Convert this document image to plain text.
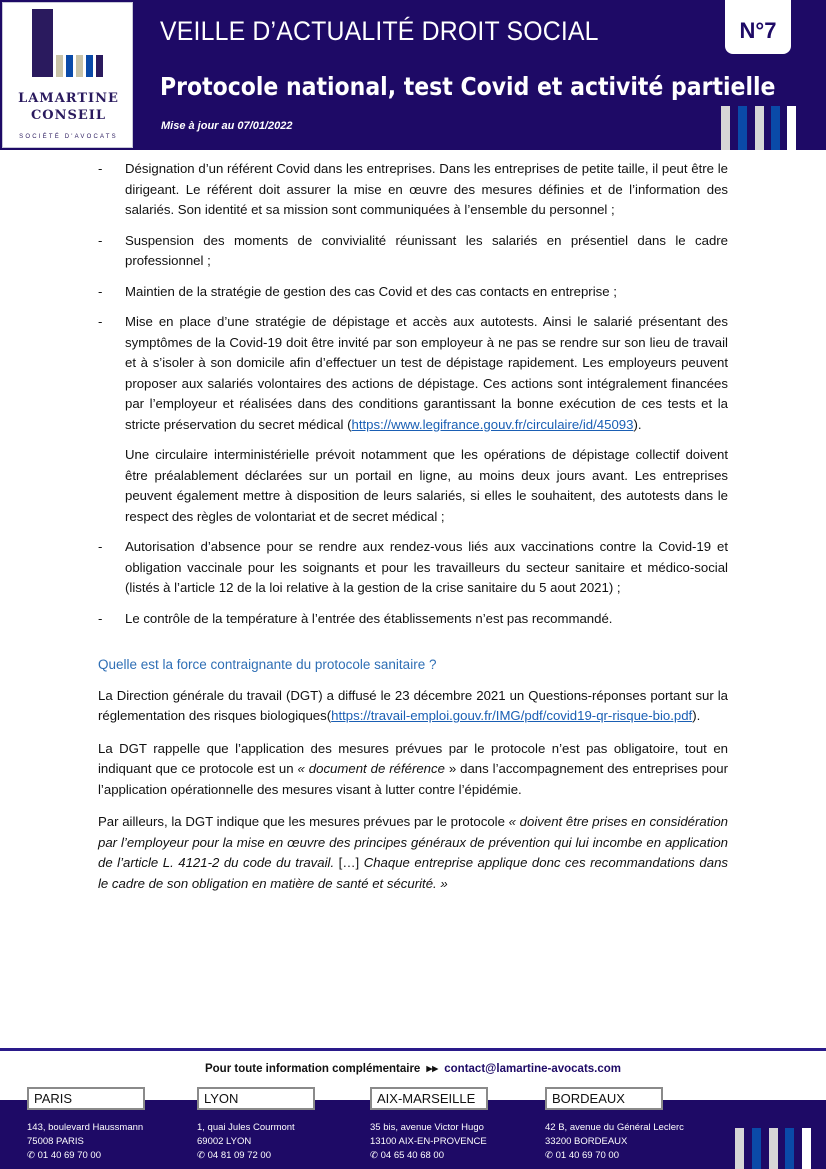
LAMARTINE
CONSEIL
SOCIÉTÉ D'AVOCATS
VEILLE D’ACTUALITÉ DROIT SOCIAL
Protocole national, test Covid et activité partielle
Mise à jour au 07/01/2022
N°7
- Désignation d’un référent Covid dans les entreprises. Dans les entreprises de petite taille, il peut être le dirigeant. Le référent doit assurer la mise en œuvre des mesures définies et de l’information des salariés. Son identité et sa mission sont communiquées à l’ensemble du personnel ;
- Suspension des moments de convivialité réunissant les salariés en présentiel dans le cadre professionnel ;
- Maintien de la stratégie de gestion des cas Covid et des cas contacts en entreprise ;
- Mise en place d’une stratégie de dépistage et accès aux autotests. Ainsi le salarié présentant des symptômes de la Covid-19 doit être invité par son employeur à ne pas se rendre sur son lieu de travail et à s’isoler à son domicile afin d’effectuer un test de dépistage rapidement. Les employeurs peuvent proposer aux salariés volontaires des actions de dépistage. Ces actions sont intégralement financées par l’employeur et réalisées dans des conditions garantissant la bonne exécution de ces tests et la stricte préservation du secret médical (https://www.legifrance.gouv.fr/circulaire/id/45093).
Une circulaire interministérielle prévoit notamment que les opérations de dépistage collectif doivent être préalablement déclarées sur un portail en ligne, au moins deux jours avant. Les entreprises peuvent également mettre à disposition de leurs salariés, si elles le souhaitent, des autotests dans le respect des règles de volontariat et de secret médical ;
- Autorisation d’absence pour se rendre aux rendez-vous liés aux vaccinations contre la Covid-19 et obligation vaccinale pour les soignants et pour les travailleurs du secteur sanitaire et médico-social (listés à l’article 12 de la loi relative à la gestion de la crise sanitaire du 5 aout 2021) ;
- Le contrôle de la température à l’entrée des établissements n’est pas recommandé.
Quelle est la force contraignante du protocole sanitaire ?

La Direction générale du travail (DGT) a diffusé le 23 décembre 2021 un Questions-réponses portant sur la réglementation des risques biologiques(https://travail-emploi.gouv.fr/IMG/pdf/covid19-qr-risque-bio.pdf).

La DGT rappelle que l’application des mesures prévues par le protocole n’est pas obligatoire, tout en indiquant que ce protocole est un « document de référence » dans l’accompagnement des entreprises pour l’application opérationnelle des mesures visant à lutter contre l’épidémie.

Par ailleurs, la DGT indique que les mesures prévues par le protocole « doivent être prises en considération par l’employeur pour la mise en œuvre des principes généraux de prévention qui lui incombe en application de l’article L. 4121-2 du code du travail. […] Chaque entreprise applique donc ces recommandations dans le cadre de son obligation en matière de santé et sécurité. »

Pour toute information complémentaire ▸▸ contact@lamartine-avocats.com
PARIS
143, boulevard Haussmann
75008 PARIS
✆ 01 40 69 70 00
LYON
1, quai Jules Courmont
69002 LYON
✆ 04 81 09 72 00
AIX-MARSEILLE
35 bis, avenue Victor Hugo
13100 AIX-EN-PROVENCE
✆ 04 65 40 68 00
BORDEAUX
42 B, avenue du Général Leclerc
33200 BORDEAUX
✆ 01 40 69 70 00
